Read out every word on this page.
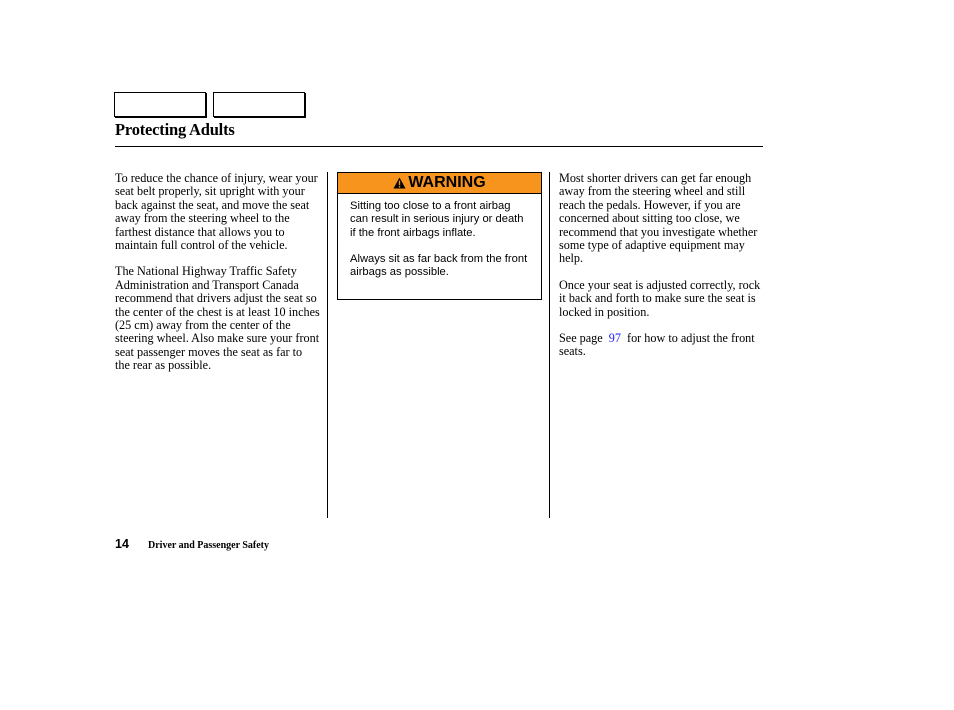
Protecting Adults

To reduce the chance of injury, wear your seat belt properly, sit upright with your back against the seat, and move the seat away from the steering wheel to the farthest distance that allows you to maintain full control of the vehicle.

The National Highway Traffic Safety Administration and Transport Canada recommend that drivers adjust the seat so the center of the chest is at least 10 inches (25 cm) away from the center of the steering wheel. Also make sure your front seat passenger moves the seat as far to the rear as possible.

WARNING

Sitting too close to a front airbag can result in serious injury or death if the front airbags inflate.

Always sit as far back from the front airbags as possible.

Most shorter drivers can get far enough away from the steering wheel and still reach the pedals. However, if you are concerned about sitting too close, we recommend that you investigate whether some type of adaptive equipment may help.

Once your seat is adjusted correctly, rock it back and forth to make sure the seat is locked in position.

See page 97 for how to adjust the front seats.

14 Driver and Passenger Safety
